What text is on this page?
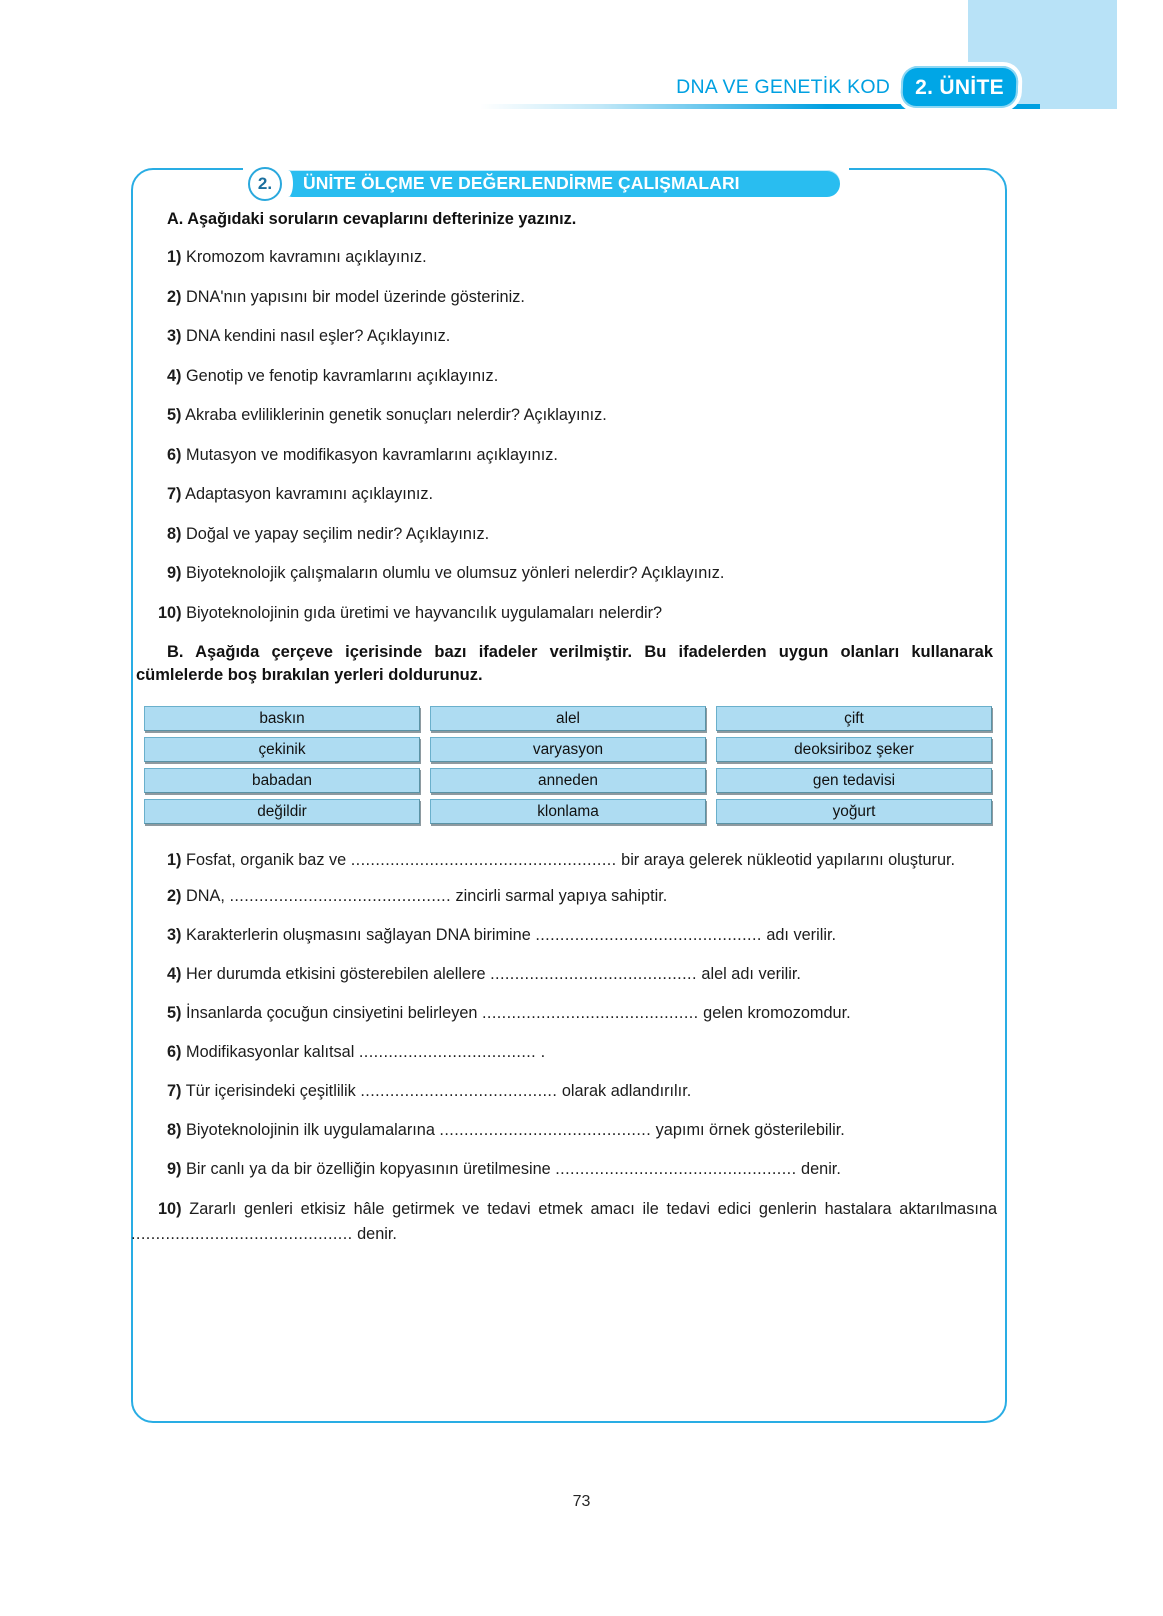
DNA VE GENETİK KOD	2. ÜNİTE
ÜNİTE ÖLÇME VE DEĞERLENDİRME ÇALIŞMALARI
2.
A. Aşağıdaki soruların cevaplarını defterinize yazınız.

1) Kromozom kavramını açıklayınız.

2) DNA'nın yapısını bir model üzerinde gösteriniz.

3) DNA kendini nasıl eşler? Açıklayınız.

4) Genotip ve fenotip kavramlarını açıklayınız.

5) Akraba evliliklerinin genetik sonuçları nelerdir? Açıklayınız.

6) Mutasyon ve modifikasyon kavramlarını açıklayınız.

7) Adaptasyon kavramını açıklayınız.

8) Doğal ve yapay seçilim nedir? Açıklayınız.

9) Biyoteknolojik çalışmaların olumlu ve olumsuz yönleri nelerdir? Açıklayınız.

10) Biyoteknolojinin gıda üretimi ve hayvancılık uygulamaları nelerdir?

B. Aşağıda çerçeve içerisinde bazı ifadeler verilmiştir. Bu ifadelerden uygun olanları kullanarak cümlelerde boş bırakılan yerleri doldurunuz.
baskın	alel	çift
çekinik	varyasyon	deoksiriboz şeker
babadan	anneden	gen tedavisi
değildir	klonlama	yoğurt

1) Fosfat, organik baz ve ...................................................... bir araya gelerek nükleotid yapılarını oluşturur.

2) DNA, ............................................. zincirli sarmal yapıya sahiptir.

3) Karakterlerin oluşmasını sağlayan DNA birimine .............................................. adı verilir.

4) Her durumda etkisini gösterebilen alellere .......................................... alel adı verilir.

5) İnsanlarda çocuğun cinsiyetini belirleyen ............................................ gelen kromozomdur.

6) Modifikasyonlar kalıtsal .................................... .

7) Tür içerisindeki çeşitlilik ........................................ olarak adlandırılır.

8) Biyoteknolojinin ilk uygulamalarına ........................................... yapımı örnek gösterilebilir.

9) Bir canlı ya da bir özelliğin kopyasının üretilmesine ................................................. denir.

10) Zararlı genleri etkisiz hâle getirmek ve tedavi etmek amacı ile tedavi edici genlerin hastalara aktarılmasına ............................................. denir.

73
